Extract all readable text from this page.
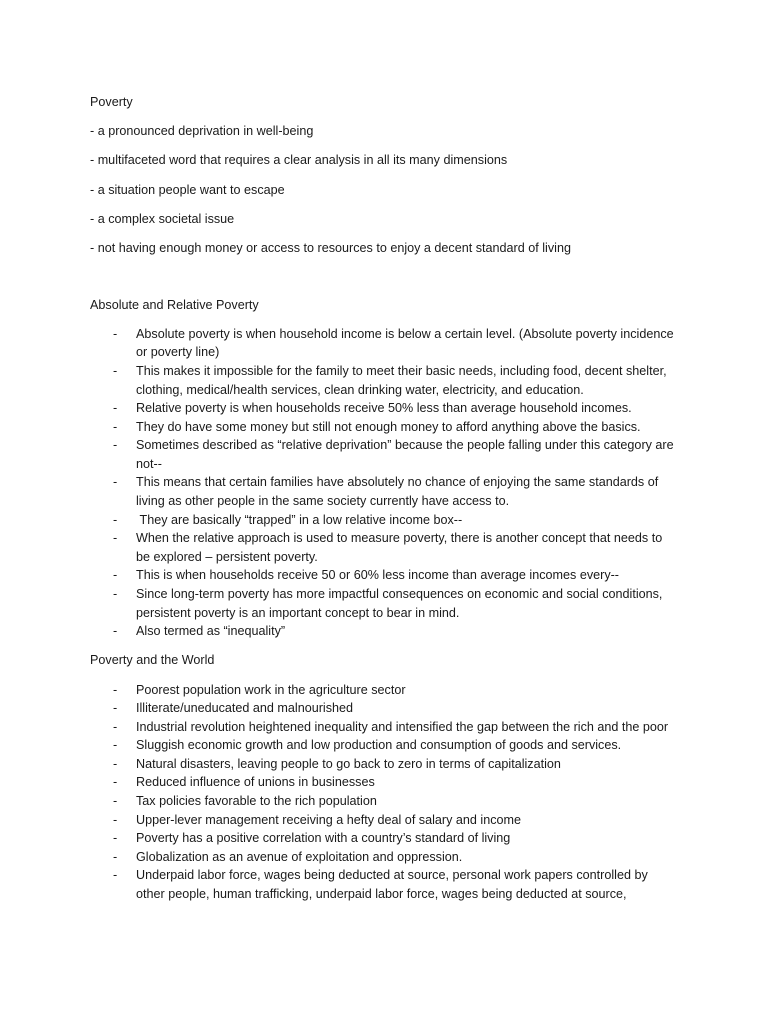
Poverty

- a pronounced deprivation in well-being

- multifaceted word that requires a clear analysis in all its many dimensions

- a situation people want to escape

- a complex societal issue

- not having enough money or access to resources to enjoy a decent standard of living

Absolute and Relative Poverty

- Absolute poverty is when household income is below a certain level. (Absolute poverty incidence or poverty line)
- This makes it impossible for the family to meet their basic needs, including food, decent shelter, clothing, medical/health services, clean drinking water, electricity, and education.
- Relative poverty is when households receive 50% less than average household incomes.
- They do have some money but still not enough money to afford anything above the basics.
- Sometimes described as “relative deprivation” because the people falling under this category are not--
- This means that certain families have absolutely no chance of enjoying the same standards of living as other people in the same society currently have access to.
- They are basically “trapped” in a low relative income box--
- When the relative approach is used to measure poverty, there is another concept that needs to be explored – persistent poverty.
- This is when households receive 50 or 60% less income than average incomes every--
- Since long-term poverty has more impactful consequences on economic and social conditions, persistent poverty is an important concept to bear in mind.
- Also termed as “inequality”

Poverty and the World

- Poorest population work in the agriculture sector
- Illiterate/uneducated and malnourished
- Industrial revolution heightened inequality and intensified the gap between the rich and the poor
- Sluggish economic growth and low production and consumption of goods and services.
- Natural disasters, leaving people to go back to zero in terms of capitalization
- Reduced influence of unions in businesses
- Tax policies favorable to the rich population
- Upper-lever management receiving a hefty deal of salary and income
- Poverty has a positive correlation with a country’s standard of living
- Globalization as an avenue of exploitation and oppression.
- Underpaid labor force, wages being deducted at source, personal work papers controlled by other people, human trafficking, underpaid labor force, wages being deducted at source,
